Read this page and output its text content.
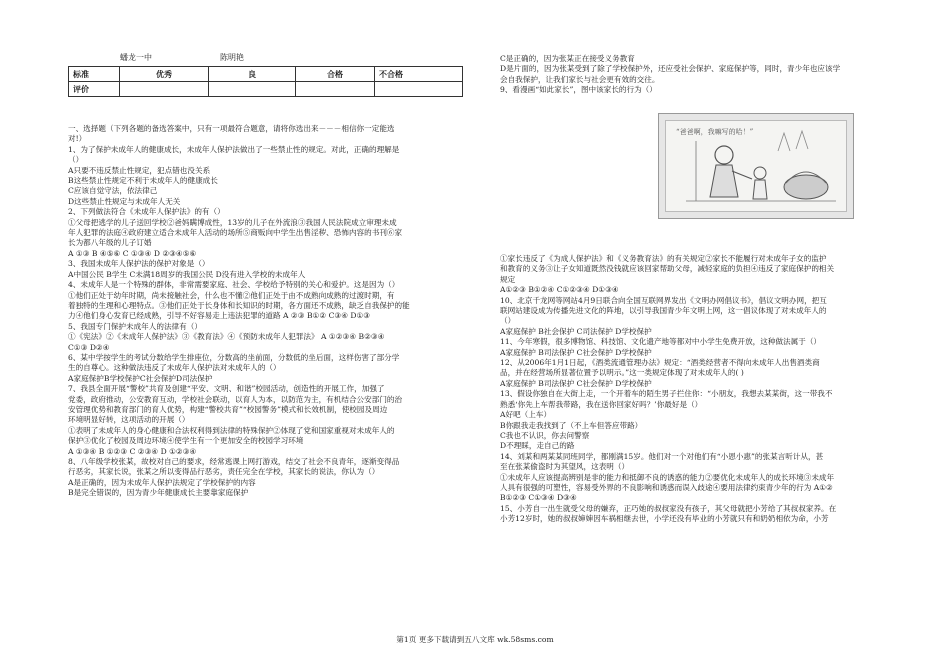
蟠龙一中	陈明艳
标准	优秀	良	合格	不合格
评价				
一、选择题（下列各题的备选答案中，只有一项最符合题意，请将你选出来－－－相信你一定能选
对!）
1、为了保护未成年人的健康成长，未成年人保护法做出了一些禁止性的规定。对此，正确的理解是
（）
A只要不违反禁止性规定，犯点错也没关系
B这些禁止性规定不利于未成年人的健康成长
C应该自觉守法，依法律己
D这些禁止性规定与未成年人无关
2、下列做法符合《未成年人保护法》的有（）
①父母把逃学的儿子送回学校②爸妈瞒博成性，13岁的儿子在外流浪③我国人民法院成立审理未成
年人犯罪的法庭④政府建立适合未成年人活动的场所⑤商贩向中学生出售淫秽、恐怖内容的书刊⑥家
长为都八年级的儿子订婚
A ①③ B ④⑤⑥ C ①③④ D ②③④⑤⑥
3、我国未成年人保护法的保护对象是（）
A中国公民 B学生 C未满18周岁的我国公民 D没有进入学校的未成年人
4、未成年人是一个特殊的群体，非常需要家庭、社会、学校给予特别的关心和爱护。这是因为（）
①他们正处于幼年时期，尚未接触社会，什么也不懂②他们正处于由不成熟向成熟的过渡时期，有
着独特的生理和心理特点。③他们正处于长身体和长知识的时期，各方面还不成熟，缺乏自我保护的能
力④他们身心发育已经成熟，引导不好容易走上违法犯罪的道路 A ②③ B①② C③④ D①③
5、我国专门保护未成年人的法律有（）
①《宪法》②《未成年人保护法》③《教育法》④《预防未成年人犯罪法》 A ①②③④ B②③④
C①③ D②④
6、某中学按学生的考试分数给学生排座位，分数高的坐前面，分数低的坐后面，这样伤害了部分学
生的自尊心。这种做法违反了未成年人保护法对未成年人的（）
A家庭保护B学校保护C社会保护D司法保护
7、我县全面开展“警校”共育及创建“平安、文明、和谐”校园活动，创造性的开展工作，加强了
党委，政府推动，公安教育互动，学校社会联动，以育人为本，以防范为主，有机结合公安部门的治
安管理优势和教育部门的育人优势，构建“警校共育”“校园警务”模式和长效机制，使校园及周边
环境明显好转，这项活动的开展（）
①表明了未成年人的身心健康和合法权利得到法律的特殊保护②体现了党和国家重视对未成年人的
保护③优化了校园及周边环境④使学生有一个更加安全的校园学习环境
A ①③④ B ①②③ C ②③④ D ①②③④
8、八年级学校张某，故校对自己的要求，经常逃课上网打游戏，结交了社会不良青年，逐渐变得品
行恶劣，其家长说，张某之所以变得品行恶劣，责任完全在学校，其家长的说法，你认为（）
A是正确的，因为未成年人保护法规定了学校保护的内容
B是完全错误的，因为青少年健康成长主要靠家庭保护
C是正确的，因为张某正在接受义务教育
D是片面的，因为张某受到了除了学校保护外，还应受社会保护、家庭保护等，同时，青少年也应该学
会自我保护，让我们家长与社会更有效的交往。
9、看漫画“如此家长”，图中该家长的行为（）
“爸爸啊，我嘛写的哈！”
①家长违反了《为成人保护法》和《义务教育法》的有关规定②家长不能履行对未成年子女的监护
和教育的义务③让子女知道既然没钱就应该回家帮助父母，减轻家庭的负担④违反了家庭保护的相关
规定
A①②③ B①②④ C①②③④ D①③④
10、北京千龙网等网站4月9日联合向全国互联网界发出《文明办网倡议书》，倡议文明办网，把互
联网站建设成为传播先进文化的阵地，以引导我国青少年文明上网，这一倡议体现了对未成年人的
（）
A家庭保护 B社会保护 C司法保护 D学校保护
11、今年寒假，很多博物馆、科技馆、文化遗产地等都对中小学生免费开放，这种做法属于（）
A家庭保护 B司法保护 C社会保护 D学校保护
12、从2006年1月1日起，《酒类流通管理办法》规定：“酒类经营者不得向未成年人出售酒类商
品，并在经营场所显著位置予以明示。”这一类规定体现了对未成年人的( )
A家庭保护 B司法保护 C社会保护 D学校保护
13、假设你独自在大街上走，一个开着车的陌生男子拦住你：“小朋友，我想去某某街，这一带我不
熟悉‘你先上车帮我带路，我在送你回家好吗？’你最好是（）
A好吧（上车）
B你跟我走我找到了（不上车但答应带路）
C我也不认识，你去问警察
D不理睬，走自己的路
14、刘某和两某某同班同学，都刚满15岁。他们对一个对他们有“小恩小惠”的张某言听计从，甚
至在张某偷盗时为其望风，这表明（）
①未成年人应该提高辨别是非的能力和抵御不良的诱惑的能力②要优化未成年人的成长环境③未成年
人具有很强的可塑性，容易受外界的不良影响和诱惑而误入歧途④要用法律约束青少年的行为 A①②
B①②③ C①③④ D③④
15、小芳自一出生就受父母的嫌弃，正巧她的叔叔家没有孩子，其父母就把小芳给了其叔叔家养。在
小芳12岁时，她的叔叔婶婶因车祸相继去世，小学还没有毕业的小芳就只有和奶奶相依为命，小芳
第1页 更多下载请到五八文库 wk.58sms.com
